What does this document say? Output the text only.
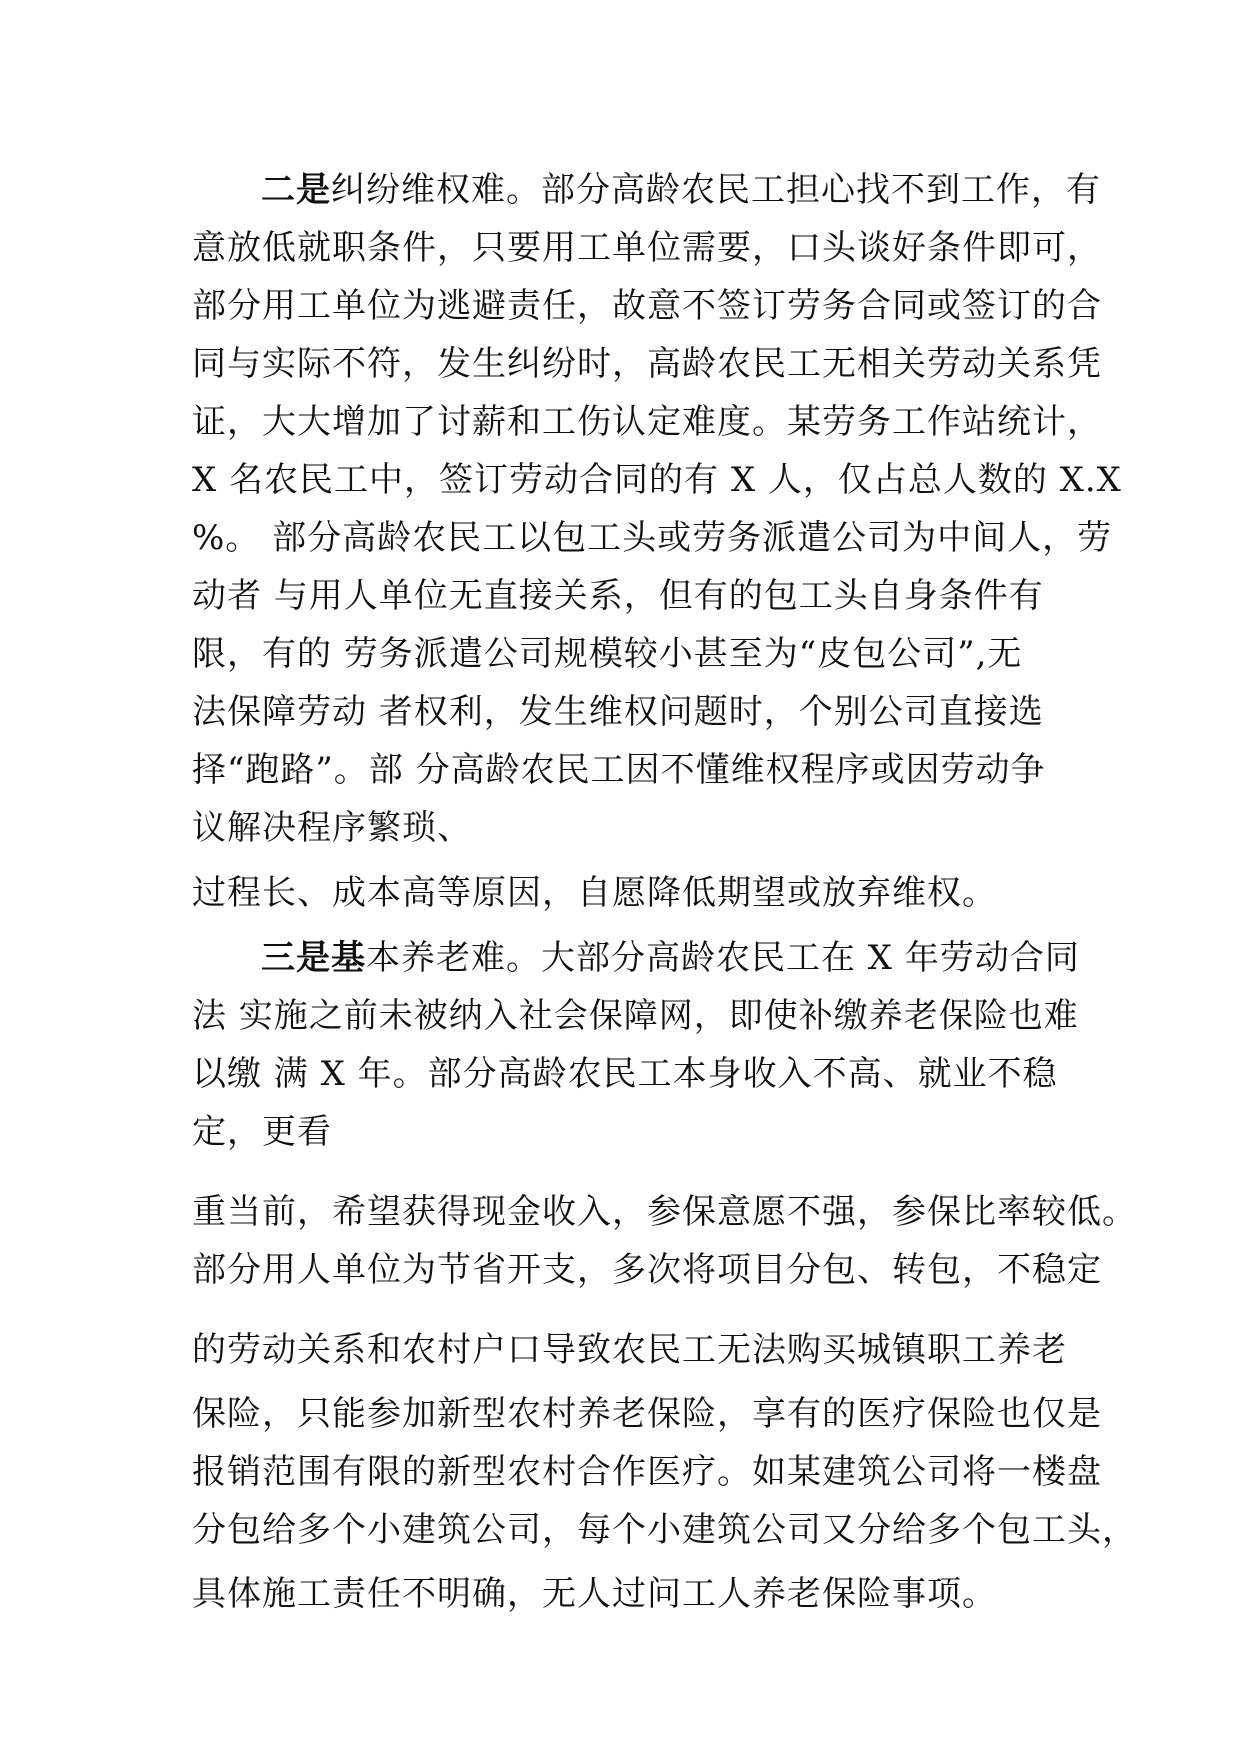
二是纠纷维权难。部分高龄农民工担心找不到工作，有
意放低就职条件，只要用工单位需要，口头谈好条件即可，
部分用工单位为逃避责任，故意不签订劳务合同或签订的合
同与实际不符，发生纠纷时，高龄农民工无相关劳动关系凭
证，大大增加了讨薪和工伤认定难度。某劳务工作站统计，
X 名农民工中，签订劳动合同的有 X 人，仅占总人数的 X.X
%。 部分高龄农民工以包工头或劳务派遣公司为中间人，劳
动者 与用人单位无直接关系，但有的包工头自身条件有
限，有的 劳务派遣公司规模较小甚至为“皮包公司”,无
法保障劳动 者权利，发生维权问题时，个别公司直接选
择“跑路”。部 分高龄农民工因不懂维权程序或因劳动争
议解决程序繁琐、
过程长、成本高等原因，自愿降低期望或放弃维权。
三是基本养老难。大部分高龄农民工在 X 年劳动合同
法 实施之前未被纳入社会保障网，即使补缴养老保险也难
以缴 满 X 年。部分高龄农民工本身收入不高、就业不稳
定，更看
重当前，希望获得现金收入，参保意愿不强，参保比率较低。
部分用人单位为节省开支，多次将项目分包、转包，不稳定
的劳动关系和农村户口导致农民工无法购买城镇职工养老
保险，只能参加新型农村养老保险，享有的医疗保险也仅是
报销范围有限的新型农村合作医疗。如某建筑公司将一楼盘
分包给多个小建筑公司，每个小建筑公司又分给多个包工头，
具体施工责任不明确，无人过问工人养老保险事项。
